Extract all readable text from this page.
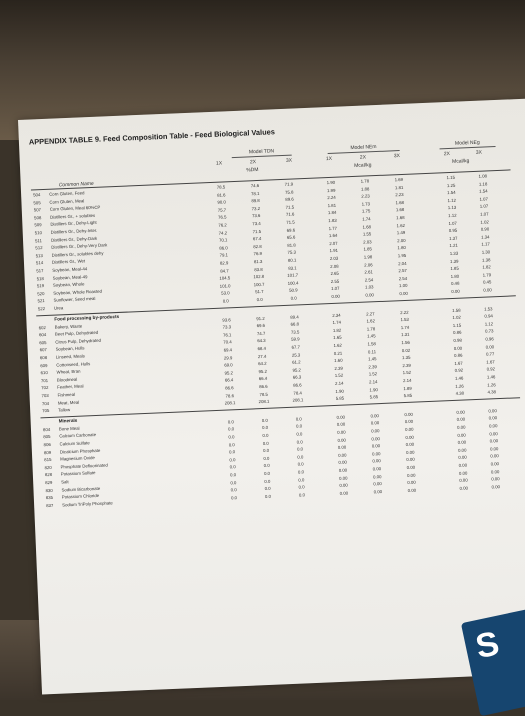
APPENDIX TABLE 9. Feed Composition Table - Feed Biological Values
Model TDN
Model NEm
Model NEg
1X	2X	3X
%DM
1X	2X	3X
Mcal/kg
2X	3X
Mcal/kg
Common Name
504	Corn Gluten, Feed
78.5	74.6	71.9	1.90	1.78	1.69	1.15	1.08
505	Corn Gluten, Meal
81.6	78.1	75.8	1.99	1.88	1.81	1.25	1.18
507	Corn Gluten, Meal 60%CP
90.0	89.8	89.6	2.24	2.23	2.23	1.54	1.54
508	Distillers Gr., + solubles
75.7	73.2	71.5	1.81	1.73	1.68	1.12	1.07
509	Distillers Gr., Dehy-Light
76.5	73.6	71.6	1.84	1.75	1.68	1.13	1.07
510	Distillers Gr., Dehy-Inter.
76.2	73.4	71.5	1.83	1.74	1.68	1.12	1.07
511	Distillers Gr., Dehy-Dark
74.2	71.5	69.6	1.77	1.68	1.62	1.07	1.02
512	Distillers Gr., Dehy-Very Dark
70.1	67.4	65.6	1.64	1.55	1.49	0.95	0.90
513	Distillers Gr., solubles dehy
86.0	82.8	81.8	2.07	2.03	2.00	1.37	1.34
514	Distillers Gr., Wet
79.1	76.9	75.3	1.91	1.85	1.80	1.21	1.17
517	Soybean, Meal-44
82.9	81.3	80.1	2.03	1.98	1.95	1.33	1.30
518	Soybean, Meal-49
84.7	83.8	83.1	2.08	2.06	2.04	1.39	1.38
519	Soybean, Whole
104.5	102.8	101.7	2.65	2.61	2.57	1.85	1.82
520	Soybean, Whole Roasted
101.0	100.7	100.4	2.55	2.54	2.54	1.80	1.79
521	Sunflower, Seed meal
53.0	51.7	50.9	1.07	1.03	1.00	0.48	0.45
522	Urea
0.0	0.0	0.0	0.00	0.00	0.00	0.00	0.00
Food processing by-products
602	Bakery, Waste
93.6	91.2	89.4	2.34	2.27	2.22	1.58	1.53
604	Beet Pulp, Dehydrated
73.3	69.6	66.8	1.74	1.62	1.53	1.02	0.94
605	Citrus Pulp, Dehydrated
76.1	74.7	73.5	1.82	1.78	1.74	1.15	1.12
607	Soybean, Hulls
70.4	64.3	59.9	1.65	1.45	1.31	0.86	0.73
608	Linseed, Meals
69.4	68.4	67.7	1.62	1.58	1.56	0.98	0.96
609	Cottonseed, Hulls
29.9	27.4	25.3	0.21	0.11	0.02	0.00	0.00
610	Wheat, Bran
69.0	64.2	61.2	1.60	1.45	1.35	0.86	0.77
701	Bloodmeal
95.2	95.2	95.2	2.39	2.39	2.39	1.67	1.67
702	Feather, Meal
66.4	66.4	66.3	1.52	1.52	1.52	0.92	0.92
703	Fishmeal
86.6	86.6	86.6	2.14	2.14	2.14	1.46	1.46
704	Meat, Meal
78.6	78.5	78.4	1.90	1.90	1.89	1.26	1.26
705	Tallow
208.1	208.1	208.1	5.85	5.85	5.85	4.38	4.38
Minerals
804	Bone Meal
0.0	0.0	0.0	0.00	0.00	0.00	0.00	0.00
805	Calcium Carbonate
0.0	0.0	0.0	0.00	0.00	0.00	0.00	0.00
806	Calcium Sulfate
0.0	0.0	0.0	0.00	0.00	0.00	0.00	0.00
809	Dicalcium Phosphate
0.0	0.0	0.0	0.00	0.00	0.00	0.00	0.00
815	Magnesium Oxide
0.0	0.0	0.0	0.00	0.00	0.00	0.00	0.00
820	Phosphate Defluorinated
0.0	0.0	0.0	0.00	0.00	0.00	0.00	0.00
828	Potassium Sulfate
0.0	0.0	0.0	0.00	0.00	0.00	0.00	0.00
829	Salt
0.0	0.0	0.0	0.00	0.00	0.00	0.00	0.00
830	Sodium Bicarbonate
0.0	0.0	0.0	0.00	0.00	0.00	0.00	0.00
835	Potassium Chloride
0.0	0.0	0.0	0.00	0.00	0.00	0.00	0.00
837	Sodium TriPoly Phosphate
0.0	0.0	0.0	0.00	0.00	0.00	0.00	0.00
S
